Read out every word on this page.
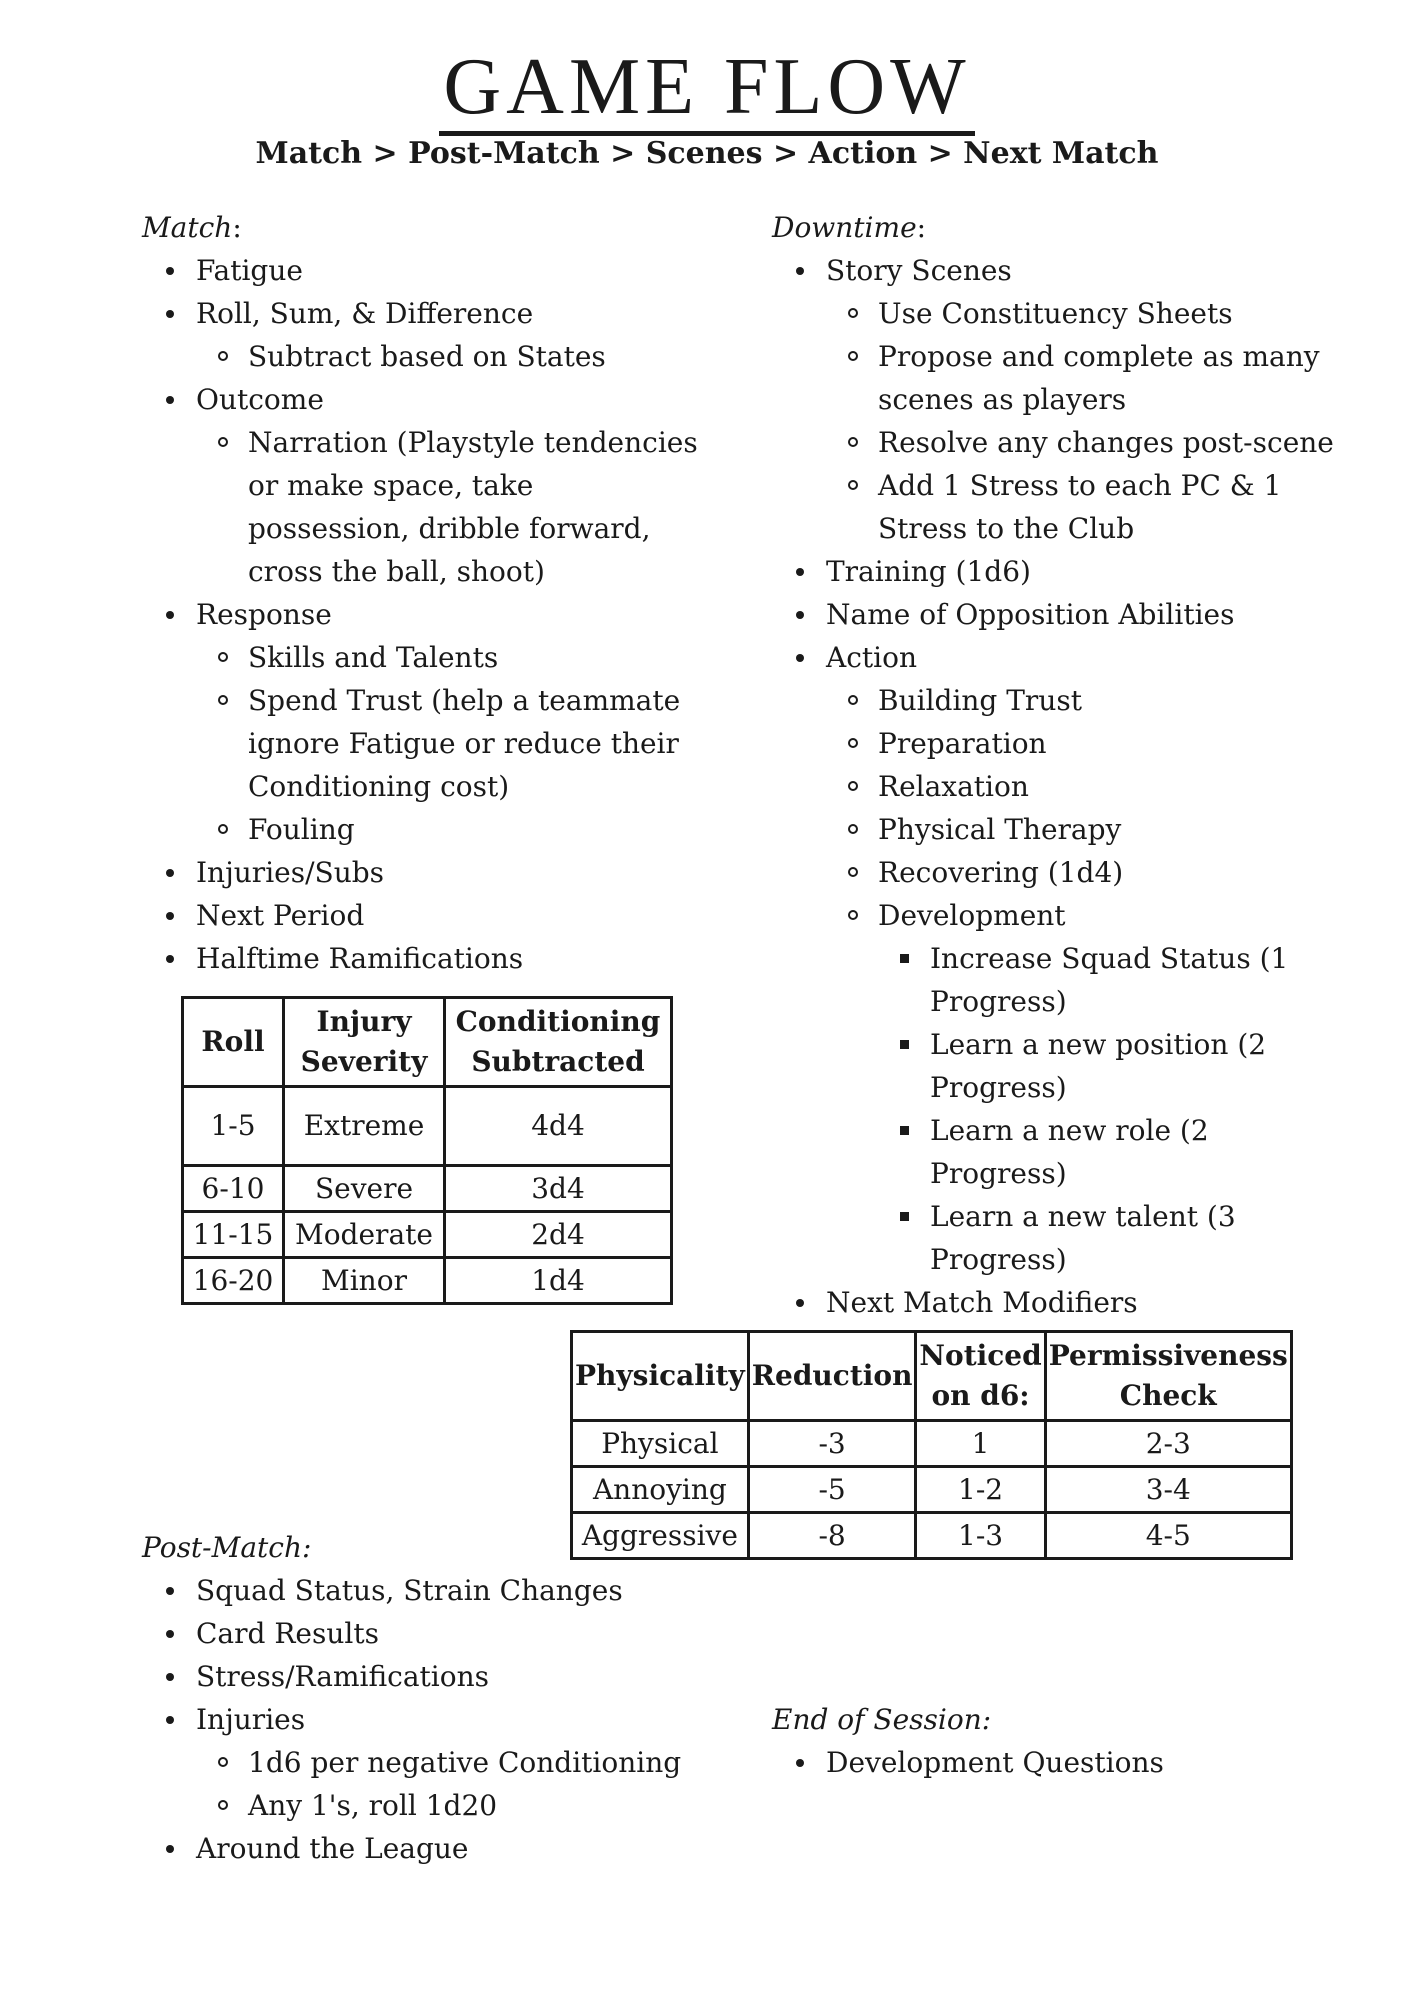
GAME FLOW
Match > Post-Match > Scenes > Action > Next Match

Match:

Fatigue
Roll, Sum, & Difference
Subtract based on States
Outcome
Narration (Playstyle tendencies or make space, take possession, dribble forward, cross the ball, shoot)
Response
Skills and Talents
Spend Trust (help a teammate ignore Fatigue or reduce their Conditioning cost)
Fouling
Injuries/Subs
Next Period
Halftime Ramifications
Roll	Injury Severity	Conditioning Subtracted
1-5	Extreme	4d4
6-10	Severe	3d4
11-15	Moderate	2d4
16-20	Minor	1d4

Downtime:

Story Scenes
Use Constituency Sheets
Propose and complete as many scenes as players
Resolve any changes post-scene
Add 1 Stress to each PC & 1 Stress to the Club
Training (1d6)
Name of Opposition Abilities
Action
Building Trust
Preparation
Relaxation
Physical Therapy
Recovering (1d4)
Development
Increase Squad Status (1 Progress)
Learn a new position (2 Progress)
Learn a new role (2 Progress)
Learn a new talent (3 Progress)
Next Match Modifiers
Physicality	Reduction	Noticed on d6:	Permissiveness Check
Physical	-3	1	2-3
Annoying	-5	1-2	3-4
Aggressive	-8	1-3	4-5

Post-Match:

Squad Status, Strain Changes
Card Results
Stress/Ramifications
Injuries
1d6 per negative Conditioning
Any 1's, roll 1d20
Around the League

End of Session:

Development Questions
